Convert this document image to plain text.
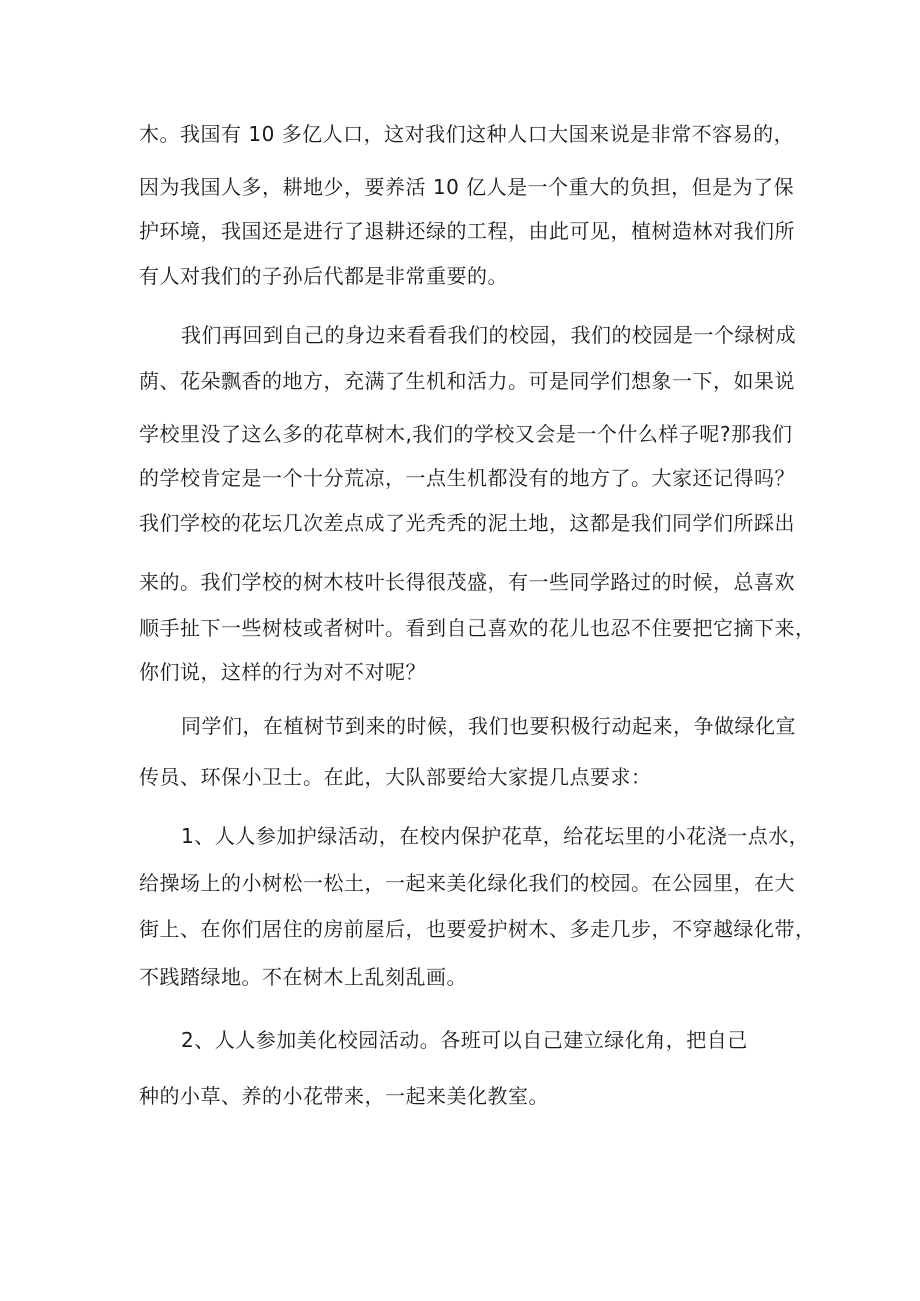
木。我国有 10 多亿人口，这对我们这种人口大国来说是非常不容易的，
因为我国人多，耕地少，要养活 10 亿人是一个重大的负担，但是为了保
护环境，我国还是进行了退耕还绿的工程，由此可见，植树造林对我们所
有人对我们的子孙后代都是非常重要的。
我们再回到自己的身边来看看我们的校园，我们的校园是一个绿树成
荫、花朵飘香的地方，充满了生机和活力。可是同学们想象一下，如果说
学校里没了这么多的花草树木,我们的学校又会是一个什么样子呢?那我们
的学校肯定是一个十分荒凉，一点生机都没有的地方了。大家还记得吗？
我们学校的花坛几次差点成了光秃秃的泥土地，这都是我们同学们所踩出
来的。我们学校的树木枝叶长得很茂盛，有一些同学路过的时候，总喜欢
顺手扯下一些树枝或者树叶。看到自己喜欢的花儿也忍不住要把它摘下来，
你们说，这样的行为对不对呢？
同学们，在植树节到来的时候，我们也要积极行动起来，争做绿化宣
传员、环保小卫士。在此，大队部要给大家提几点要求：
1、人人参加护绿活动，在校内保护花草，给花坛里的小花浇一点水，
给操场上的小树松一松土，一起来美化绿化我们的校园。在公园里，在大
街上、在你们居住的房前屋后，也要爱护树木、多走几步，不穿越绿化带，
不践踏绿地。不在树木上乱刻乱画。
2、人人参加美化校园活动。各班可以自己建立绿化角，把自己
种的小草、养的小花带来，一起来美化教室。
